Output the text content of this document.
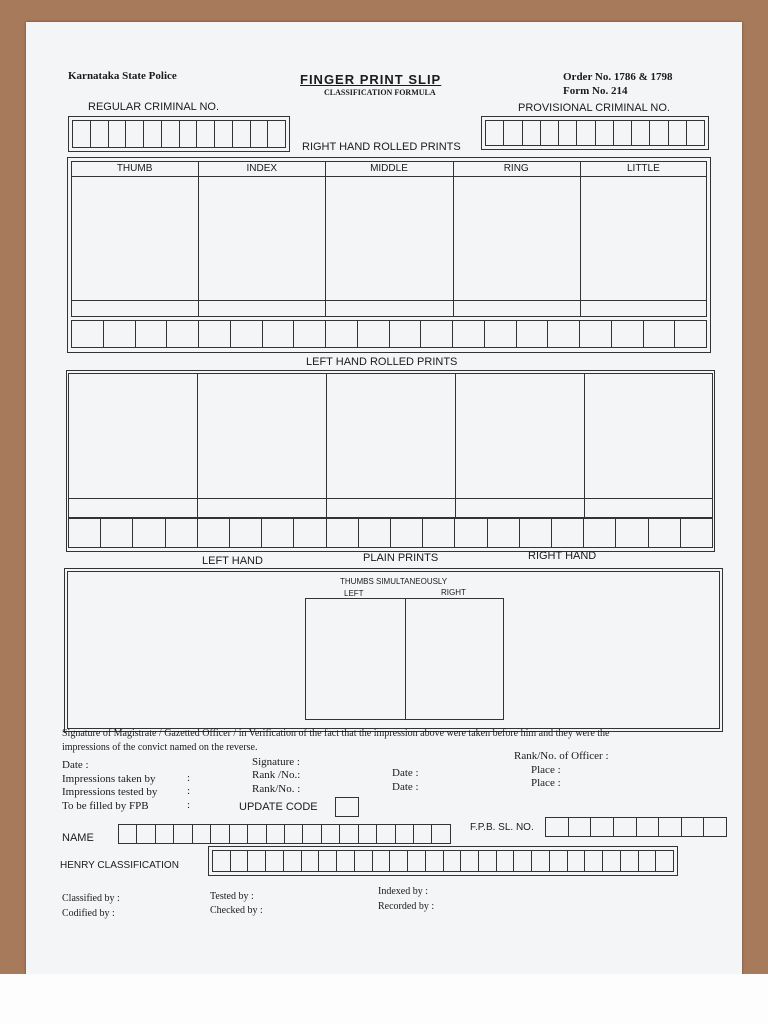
Karnataka State Police	FINGER PRINT SLIP
CLASSIFICATION FORMULA
Order No. 1786 & 1798
Form No. 214
REGULAR CRIMINAL NO.	PROVISIONAL CRIMINAL NO.
RIGHT HAND ROLLED PRINTS
THUMB	INDEX	MIDDLE	RING	LITTLE
LEFT HAND ROLLED PRINTS
LEFT HAND	PLAIN PRINTS	RIGHT HAND
THUMBS SIMULTANEOUSLY
LEFT	RIGHT
Signature of Magistrate / Gazetted Officer / in Verification of the fact that the impression above were taken before him and they were the
impressions of the convict named on the reverse.
Date :
Impressions taken by	:
Impressions tested by	:
To be filled by FPB	:
Signature :
Rank /No.:
Rank/No. :
Date :
Date :
Rank/No. of Officer :
Place :
Place :
UPDATE CODE
NAME
F.P.B. SL. NO.
HENRY CLASSIFICATION
Classified by :
Codified by :
Tested by :
Checked by :
Indexed by :
Recorded by :
